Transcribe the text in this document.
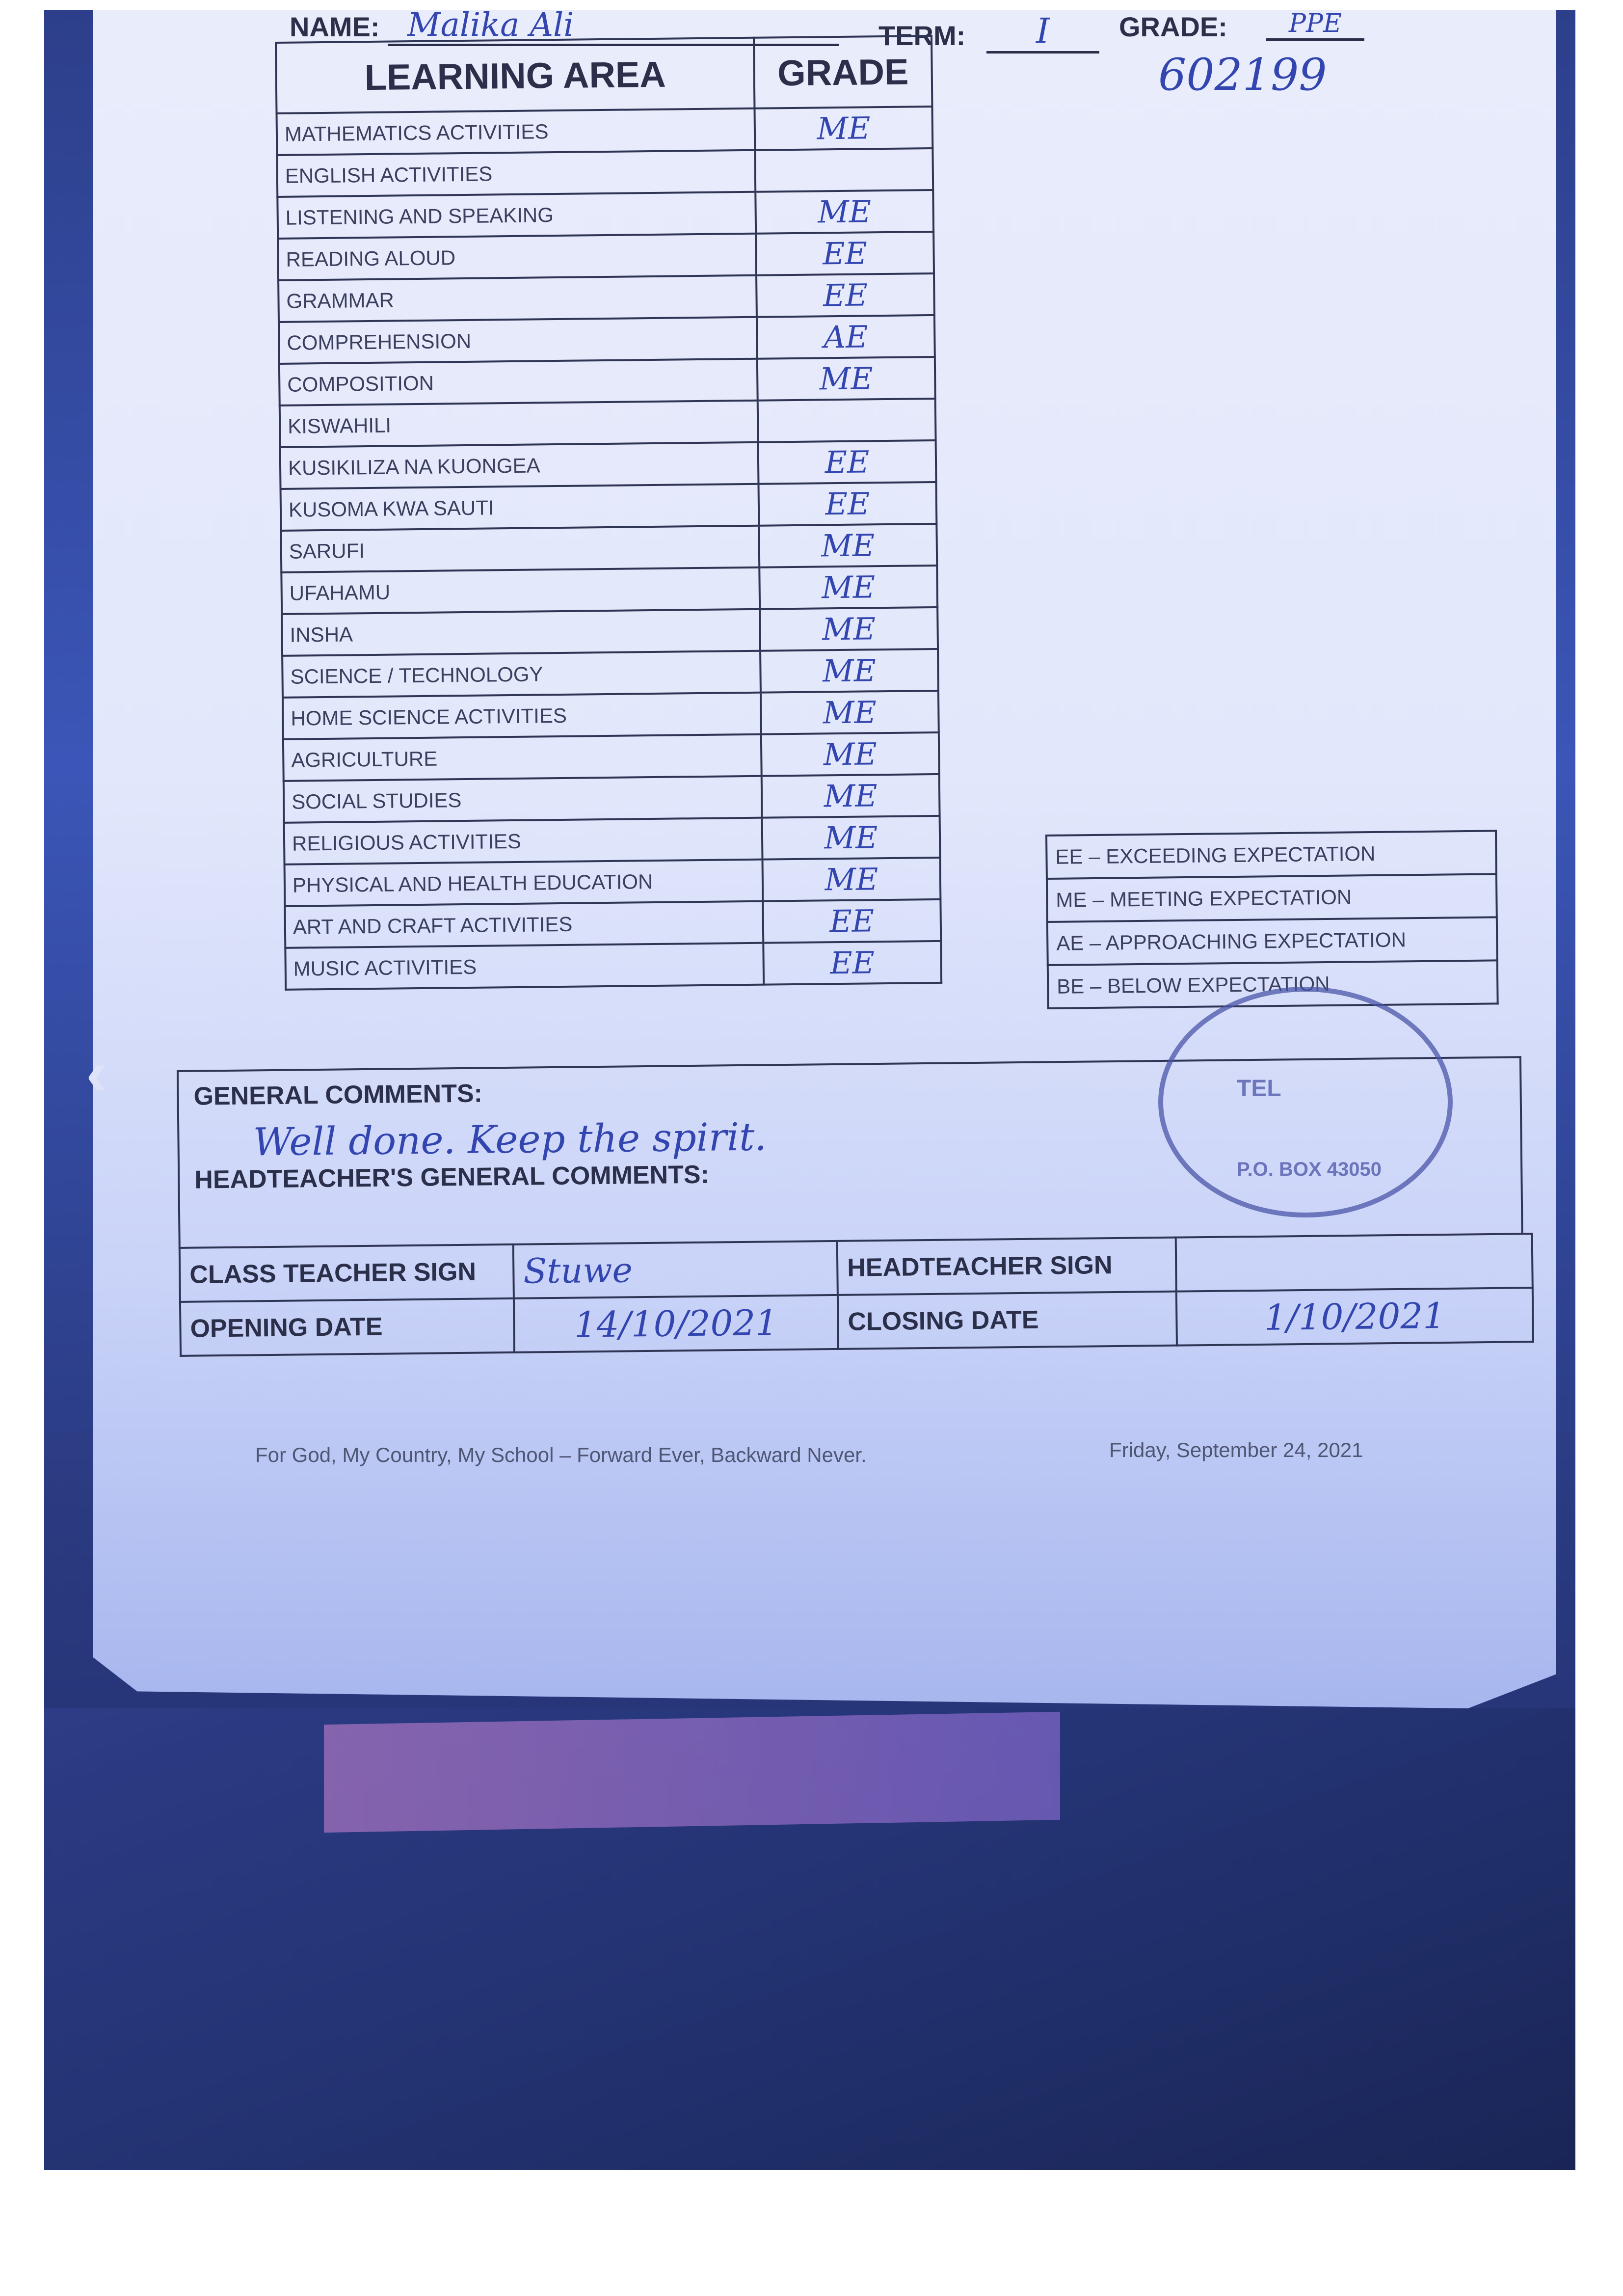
‹
NAME: Malika Ali	TERM:	I	GRADE:	PPE
602199
LEARNING AREA	GRADE
MATHEMATICS ACTIVITIES	ME
ENGLISH ACTIVITIES	
LISTENING AND SPEAKING	ME
READING ALOUD	EE
GRAMMAR	EE
COMPREHENSION	AE
COMPOSITION	ME
KISWAHILI	
KUSIKILIZA NA KUONGEA	EE
KUSOMA KWA SAUTI	EE
SARUFI	ME
UFAHAMU	ME
INSHA	ME
SCIENCE / TECHNOLOGY	ME
HOME SCIENCE ACTIVITIES	ME
AGRICULTURE	ME
SOCIAL STUDIES	ME
RELIGIOUS ACTIVITIES	ME
PHYSICAL AND HEALTH EDUCATION	ME
ART AND CRAFT ACTIVITIES	EE
MUSIC ACTIVITIES	EE
EE – EXCEEDING EXPECTATION
ME – MEETING EXPECTATION
AE – APPROACHING EXPECTATION
BE – BELOW EXPECTATION
GENERAL COMMENTS:
Well done. Keep the spirit.
HEADTEACHER'S GENERAL COMMENTS:
CLASS TEACHER SIGN	Stuwe	HEADTEACHER SIGN	
OPENING DATE	14/10/2021	CLOSING DATE	1/10/2021
TEL
P.O. BOX 43050
For God, My Country, My School – Forward Ever, Backward Never.	Friday, September 24, 2021
